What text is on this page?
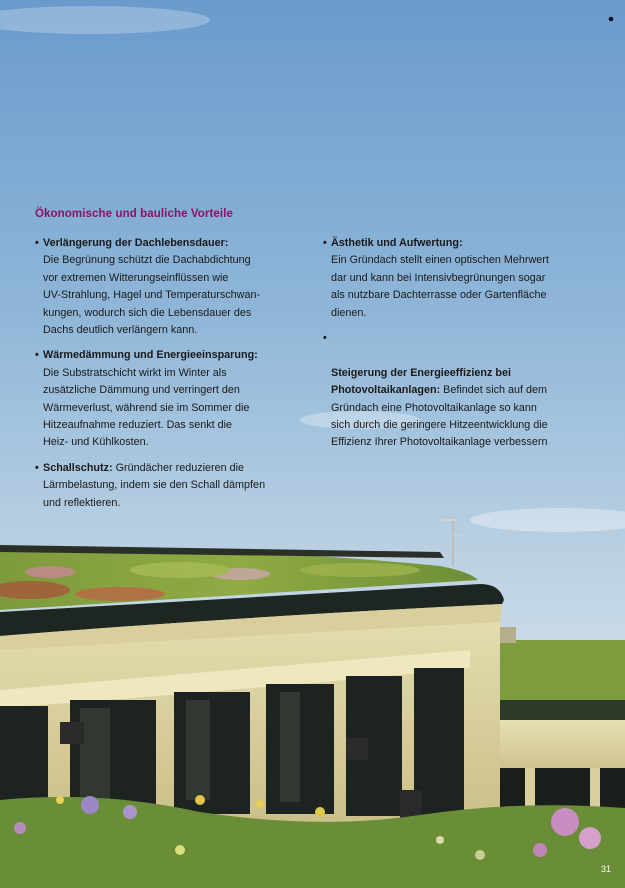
Ökonomische und bauliche Vorteile
• Verlängerung der Dachlebensdauer:
Die Begrünung schützt die Dachabdichtung
vor extremen Witterungseinflüssen wie
UV-Strahlung, Hagel und Temperaturschwan-
kungen, wodurch sich die Lebensdauer des
Dachs deutlich verlängern kann.
• Wärmedämmung und Energieeinsparung:
Die Substratschicht wirkt im Winter als
zusätzliche Dämmung und verringert den
Wärmeverlust, während sie im Sommer die
Hitzeaufnahme reduziert. Das senkt die
Heiz- und Kühlkosten.
• Schallschutz: Gründächer reduzieren die
Lärmbelastung, indem sie den Schall dämpfen
und reflektieren.
• Ästhetik und Aufwertung:
Ein Gründach stellt einen optischen Mehrwert
dar und kann bei Intensivbegrünungen sogar
als nutzbare Dachterrasse oder Gartenfläche
dienen.

•

Steigerung der Energieeffizienz bei
Photovoltaikanlagen: Befindet sich auf dem
Gründach eine Photovoltaikanlage so kann
sich durch die geringere Hitzeentwicklung die
Effizienz Ihrer Photovoltaikanlage verbessern

31
